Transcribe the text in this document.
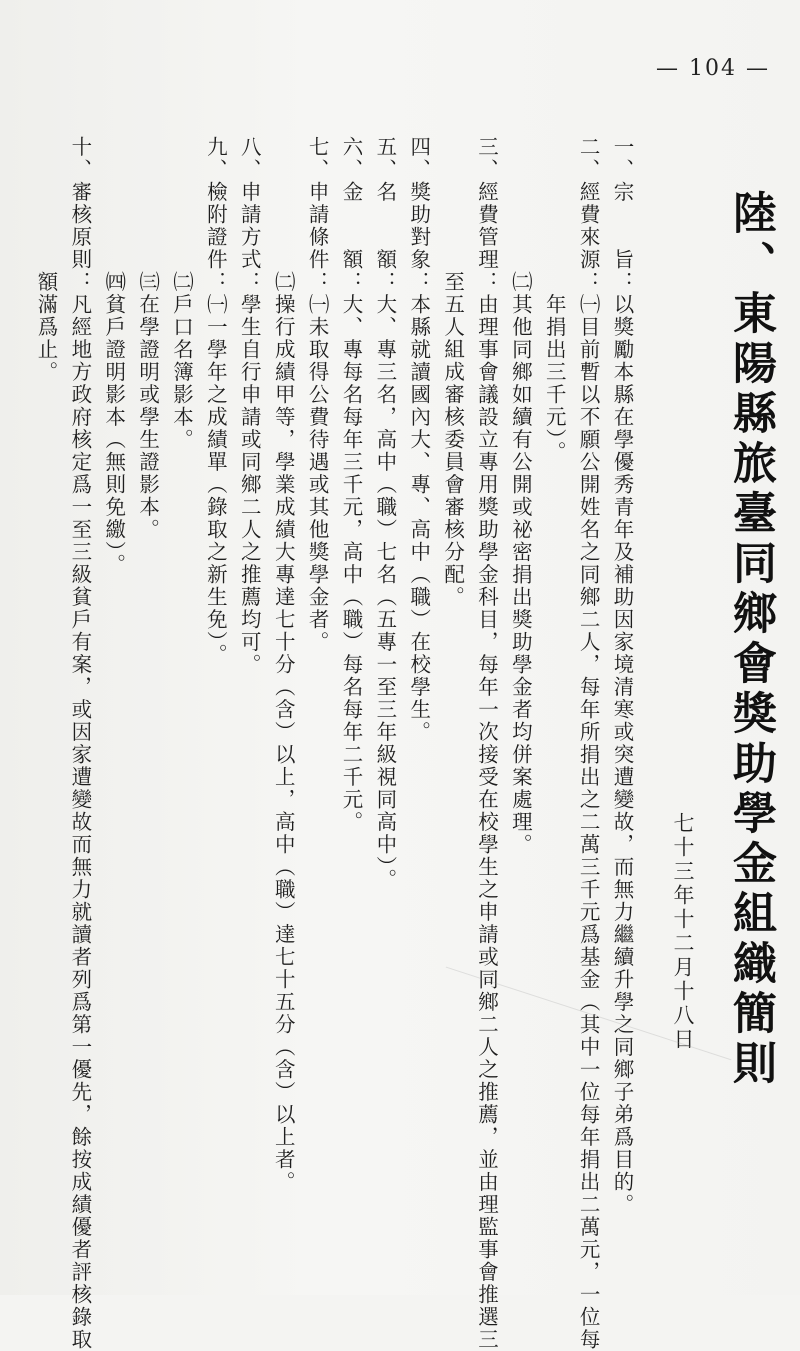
— 104 —
陸、東陽縣旅臺同鄉會獎助學金組織簡則
七十三年十二月十八日
一、宗　　旨：以獎勵本縣在學優秀青年及補助因家境清寒或突遭變故，而無力繼續升學之同鄉子弟爲目的。
二、經費來源：㈠目前暫以不願公開姓名之同鄉二人，每年所捐出之二萬三千元爲基金（其中一位每年捐出二萬元，一位每
　　　　　　　年捐出三千元）。
　　　　　　㈡其他同鄉如續有公開或祕密捐出獎助學金者均併案處理。
三、經費管理：由理事會議設立專用獎助學金科目，每年一次接受在校學生之申請或同鄉二人之推薦，並由理監事會推選三
　　　　　　至五人組成審核委員會審核分配。
四、獎助對象：本縣就讀國內大、專、高中（職）在校學生。
五、名　　額：大、專三名，高中（職）七名（五專一至三年級視同高中）。
六、金　　額：大、專每名每年三千元，高中（職）每名每年二千元。
七、申請條件：㈠未取得公費待遇或其他獎學金者。
　　　　　　㈡操行成績甲等，學業成績大專達七十分（含）以上，高中（職）達七十五分（含）以上者。
八、申請方式：學生自行申請或同鄉二人之推薦均可。
九、檢附證件：㈠一學年之成績單（錄取之新生免）。
　　　　　　㈡戶口名簿影本。
　　　　　　㈢在學證明或學生證影本。
　　　　　　㈣貧戶證明影本（無則免繳）。
十、審核原則：凡經地方政府核定爲一至三級貧戶有案，或因家遭變故而無力就讀者列爲第一優先，餘按成績優者評核錄取
　　　　　　額滿爲止。
